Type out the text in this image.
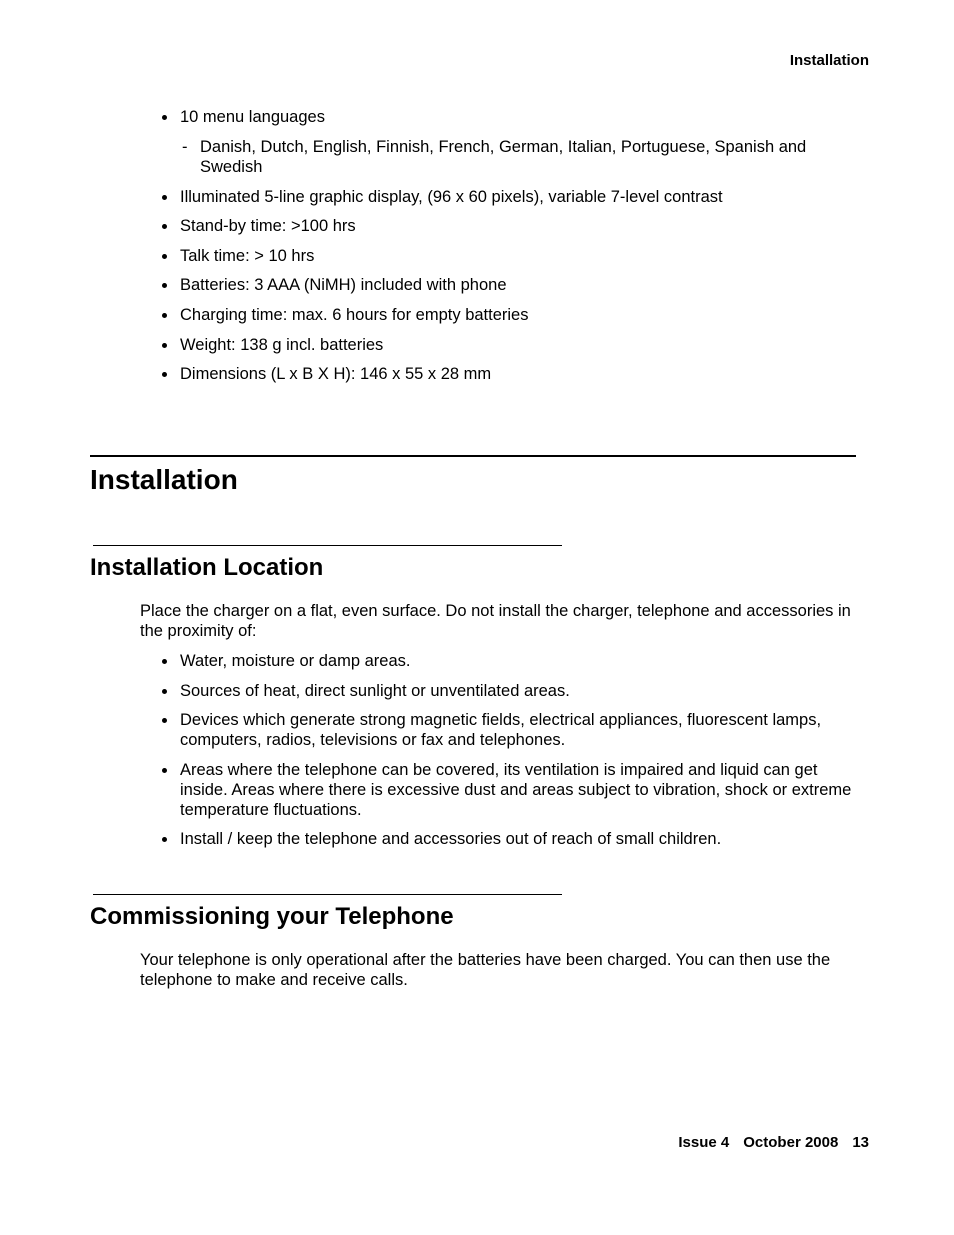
Installation
10 menu languages
- Danish, Dutch, English, Finnish, French, German, Italian, Portuguese, Spanish and Swedish
Illuminated 5-line graphic display, (96 x 60 pixels), variable 7-level contrast
Stand-by time: >100 hrs
Talk time: > 10 hrs
Batteries: 3 AAA (NiMH) included with phone
Charging time: max. 6 hours for empty batteries
Weight: 138 g incl. batteries
Dimensions (L x B X H): 146 x 55 x 28 mm
Installation
Installation Location

Place the charger on a flat, even surface. Do not install the charger, telephone and accessories in the proximity of:

Water, moisture or damp areas.
Sources of heat, direct sunlight or unventilated areas.
Devices which generate strong magnetic fields, electrical appliances, fluorescent lamps, computers, radios, televisions or fax and telephones.
Areas where the telephone can be covered, its ventilation is impaired and liquid can get inside. Areas where there is excessive dust and areas subject to vibration, shock or extreme temperature fluctuations.
Install / keep the telephone and accessories out of reach of small children.
Commissioning your Telephone

Your telephone is only operational after the batteries have been charged. You can then use the telephone to make and receive calls.

Issue 4 October 2008 13
